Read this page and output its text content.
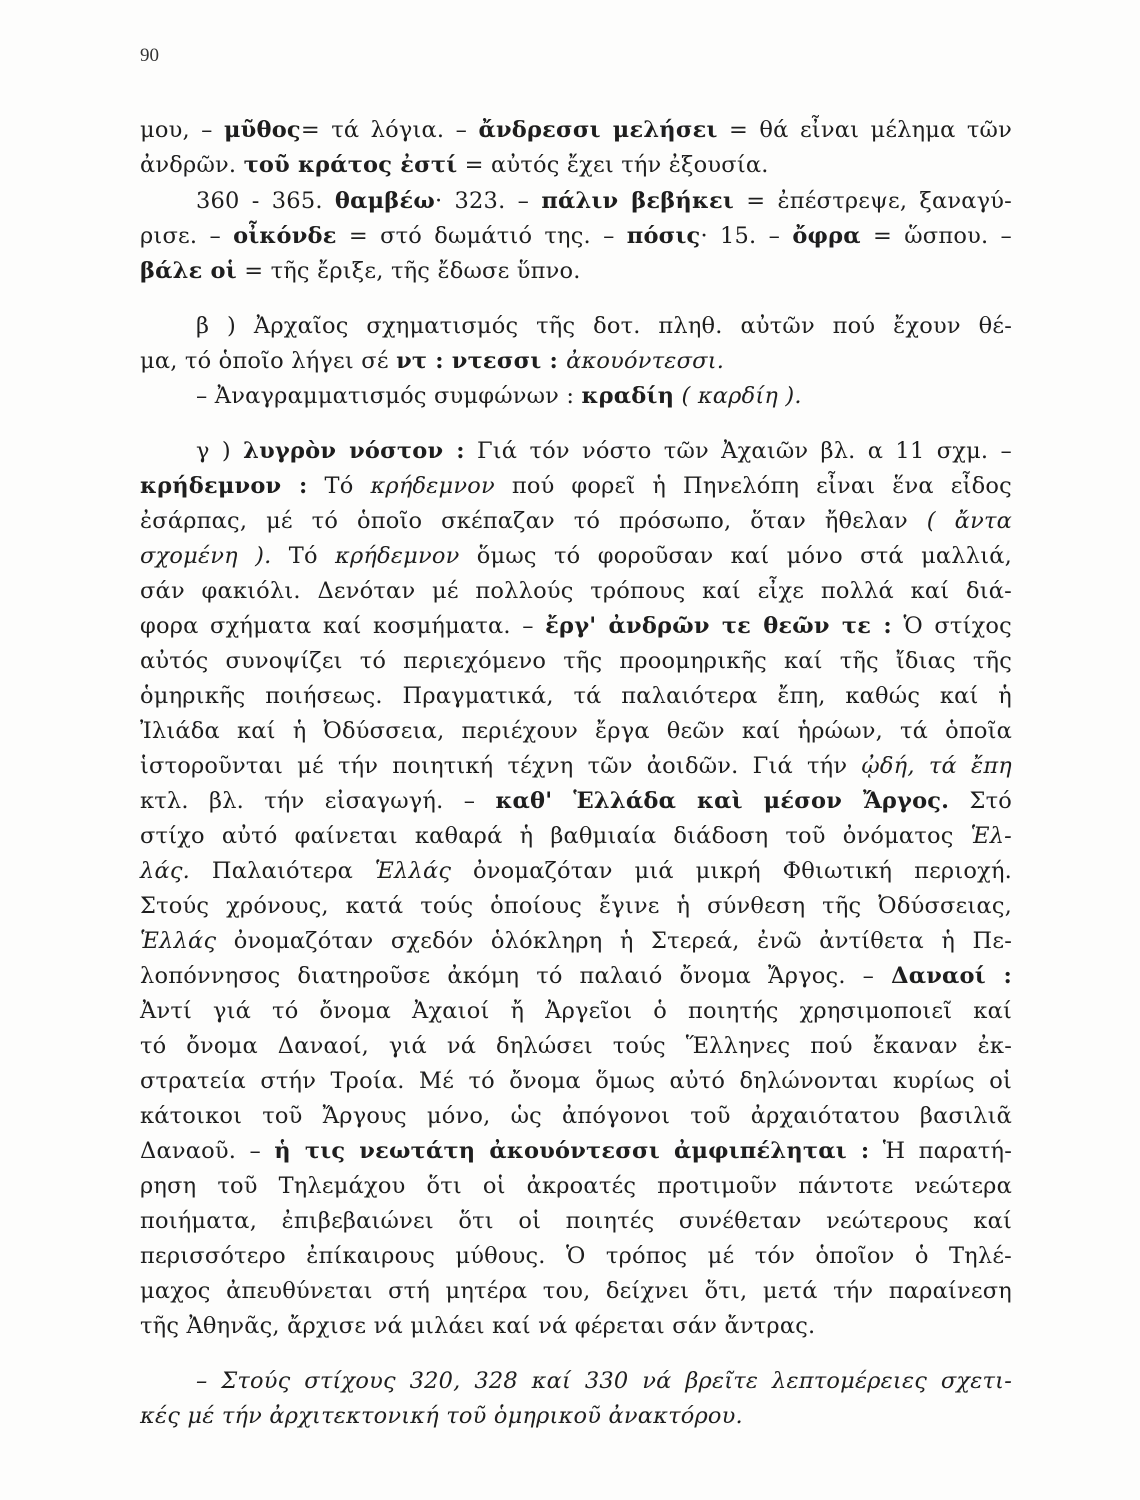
90
μου, – μῦθος= τά λόγια. – ἄνδρεσσι μελήσει = θά εἶναι μέλημα τῶν
ἀνδρῶν. τοῦ κράτος ἐστί = αὐτός ἔχει τήν ἐξουσία.
360 - 365. θαμβέω· 323. – πάλιν βεβήκει = ἐπέστρεψε, ξαναγύ-
ρισε. – οἶκόνδε = στό δωμάτιό της. – πόσις· 15. – ὄφρα = ὥσπου. –
βάλε οἱ = τῆς ἔριξε, τῆς ἔδωσε ὕπνο.
β ) Ἀρχαῖος σχηματισμός τῆς δοτ. πληθ. αὐτῶν πού ἔχουν θέ-
μα, τό ὁποῖο λήγει σέ ντ : ντεσσι : ἀκουόντεσσι.
– Ἀναγραμματισμός συμφώνων : κραδίη ( καρδίη ).
γ ) λυγρὸν νόστον : Γιά τόν νόστο τῶν Ἀχαιῶν βλ. α 11 σχμ. –
κρήδεμνον : Τό κρήδεμνον πού φορεῖ ἡ Πηνελόπη εἶναι ἕνα εἶδος
ἐσάρπας, μέ τό ὁποῖο σκέπαζαν τό πρόσωπο, ὅταν ἤθελαν ( ἄντα
σχομένη ). Τό κρήδεμνον ὅμως τό φοροῦσαν καί μόνο στά μαλλιά,
σάν φακιόλι. Δενόταν μέ πολλούς τρόπους καί εἶχε πολλά καί διά-
φορα σχήματα καί κοσμήματα. – ἔργ' ἀνδρῶν τε θεῶν τε : Ὁ στίχος
αὐτός συνοψίζει τό περιεχόμενο τῆς προομηρικῆς καί τῆς ἴδιας τῆς
ὁμηρικῆς ποιήσεως. Πραγματικά, τά παλαιότερα ἔπη, καθώς καί ἡ
Ἰλιάδα καί ἡ Ὀδύσσεια, περιέχουν ἔργα θεῶν καί ἡρώων, τά ὁποῖα
ἱστοροῦνται μέ τήν ποιητική τέχνη τῶν ἀοιδῶν. Γιά τήν ᾠδή, τά ἔπη
κτλ. βλ. τήν εἰσαγωγή. – καθ' Ἑλλάδα καὶ μέσον Ἄργος. Στό
στίχο αὐτό φαίνεται καθαρά ἡ βαθμιαία διάδοση τοῦ ὀνόματος Ἑλ-
λάς. Παλαιότερα Ἑλλάς ὀνομαζόταν μιά μικρή Φθιωτική περιοχή.
Στούς χρόνους, κατά τούς ὁποίους ἔγινε ἡ σύνθεση τῆς Ὀδύσσειας,
Ἑλλάς ὀνομαζόταν σχεδόν ὁλόκληρη ἡ Στερεά, ἐνῶ ἀντίθετα ἡ Πε-
λοπόννησος διατηροῦσε ἀκόμη τό παλαιό ὄνομα Ἄργος. – Δαναοί :
Ἀντί γιά τό ὄνομα Ἀχαιοί ἤ Ἀργεῖοι ὁ ποιητής χρησιμοποιεῖ καί
τό ὄνομα Δαναοί, γιά νά δηλώσει τούς Ἕλληνες πού ἔκαναν ἐκ-
στρατεία στήν Τροία. Μέ τό ὄνομα ὅμως αὐτό δηλώνονται κυρίως οἱ
κάτοικοι τοῦ Ἄργους μόνο, ὡς ἀπόγονοι τοῦ ἀρχαιότατου βασιλιᾶ
Δαναοῦ. – ἡ τις νεωτάτη ἀκουόντεσσι ἀμφιπέληται : Ἡ παρατή-
ρηση τοῦ Τηλεμάχου ὅτι οἱ ἀκροατές προτιμοῦν πάντοτε νεώτερα
ποιήματα, ἐπιβεβαιώνει ὅτι οἱ ποιητές συνέθεταν νεώτερους καί
περισσότερο ἐπίκαιρους μύθους. Ὁ τρόπος μέ τόν ὁποῖον ὁ Τηλέ-
μαχος ἀπευθύνεται στή μητέρα του, δείχνει ὅτι, μετά τήν παραίνεση
τῆς Ἀθηνᾶς, ἄρχισε νά μιλάει καί νά φέρεται σάν ἄντρας.
– Στούς στίχους 320, 328 καί 330 νά βρεῖτε λεπτομέρειες σχετι-
κές μέ τήν ἀρχιτεκτονική τοῦ ὁμηρικοῦ ἀνακτόρου.
